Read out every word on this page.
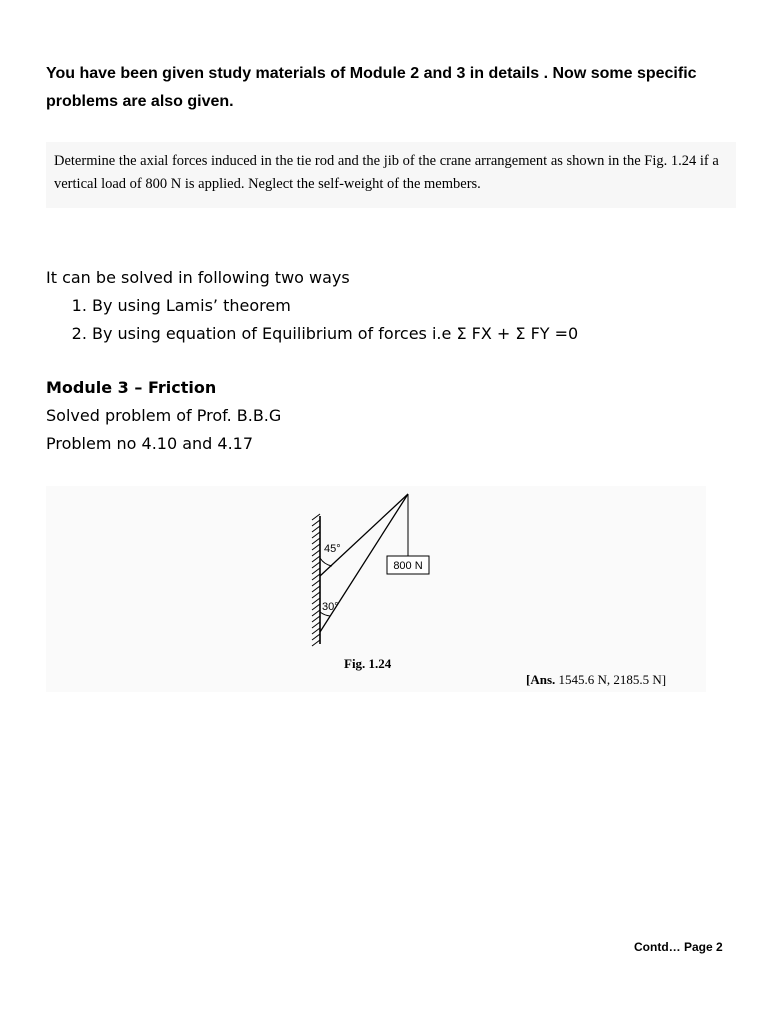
You have been given study materials of Module 2 and 3 in details . Now some specific problems are also given.
Determine the axial forces induced in the tie rod and the jib of the crane arrangement as shown in the Fig. 1.24 if a vertical load of 800 N is applied. Neglect the self-weight of the members.
It can be solved in following two ways
1. By using Lamis’ theorem
2. By using equation of Equilibrium of forces i.e Σ FX + Σ FY =0
Module 3 – Friction
Solved problem of Prof. B.B.G
Problem no 4.10 and 4.17
800 N
45°
30°
Fig. 1.24
[Ans. 1545.6 N, 2185.5 N]
Contd… Page 2
